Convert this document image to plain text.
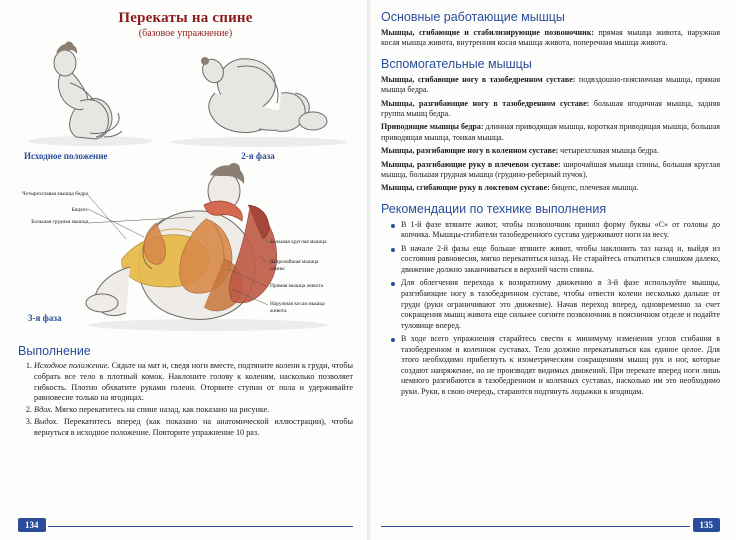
Перекаты на спине
(базовое упражнение)
Исходное положение	2-я фаза
3-я фаза
Четырехглавая мышца бедра
Бицепс
Большая грудная мышца
Большая круглая мышца
Широчайшая мышца спины
Прямая мышца живота
Наружная косая мышца живота
Выполнение
1. Исходное положение. Сядьте на мат и, сведя ноги вместе, подтяните колени к груди, чтобы собрать все тело в плотный комок. Наклоните голову к коленям, насколько позволяет гибкость. Плотно обхватите руками голени. Оторвите ступни от пола и удерживайте равновесие только на ягодицах.
2. Вдох. Мягко перекатитесь на спине назад, как показано на рисунке.
3. Выдох. Перекатитесь вперед (как показано на анатомической иллюстрации), чтобы вернуться в исходное положение. Повторите упражнение 10 раз.
134
Основные работающие мышцы

Мышцы, сгибающие и стабилизирующие позвоночник: прямая мышца живота, наружная косая мышца живота, внутренняя косая мышца живота, поперечная мышца живота.

Вспомогательные мышцы

Мышцы, сгибающие ногу в тазобедренном суставе: подвздошно-поясничная мышца, прямая мышца бедра.

Мышцы, разгибающие ногу в тазобедренном суставе: большая ягодичная мышца, задняя группа мышц бедра.

Приводящие мышцы бедра: длинная приводящая мышца, короткая приводящая мышца, большая приводящая мышца, тонкая мышца.

Мышцы, разгибающие ногу в коленном суставе: четырехглавая мышца бедра.

Мышцы, разгибающие руку в плечевом суставе: широчайшая мышца спины, большая круглая мышца, большая грудная мышца (грудино-реберный пучок).

Мышцы, сгибающие руку в локтевом суставе: бицепс, плечевая мышца.

Рекомендации по технике выполнения
В 1-й фазе втяните живот, чтобы позвоночник принял форму буквы «С» от головы до копчика. Мышцы-сгибатели тазобедренного сустава удерживают ноги на весу.
В начале 2-й фазы еще больше втяните живот, чтобы наклонить таз назад и, выйдя из состояния равновесия, мягко перекатиться назад. Не старайтесь откатиться слишком далеко, движение должно заканчиваться в верхней части спины.
Для облегчения перехода к возвратному движению в 3-й фазе используйте мышцы, разгибающие ногу в тазобедренном суставе, чтобы отвести колени несколько дальше от груди (руки ограничивают это движение). Начав переход вперед, одновременно за счет сокращения мышц живота еще сильнее согните позвоночник в поясничном отделе и подайте туловище вперед.
В ходе всего упражнения старайтесь свести к минимуму изменения углов сгибания в тазобедренном и коленном суставах. Тело должно перекатываться как единое целое. Для этого необходимо прибегнуть к изометрическим сокращениям мышц рук и ног, которые создают напряжение, но не производят видимых движений. При перекате вперед ноги лишь немного разгибаются в тазобедренном и коленных суставах, насколько им это необходимо руки. Руки, в свою очередь, стараются подтянуть лодыжки к ягодицам.
135
